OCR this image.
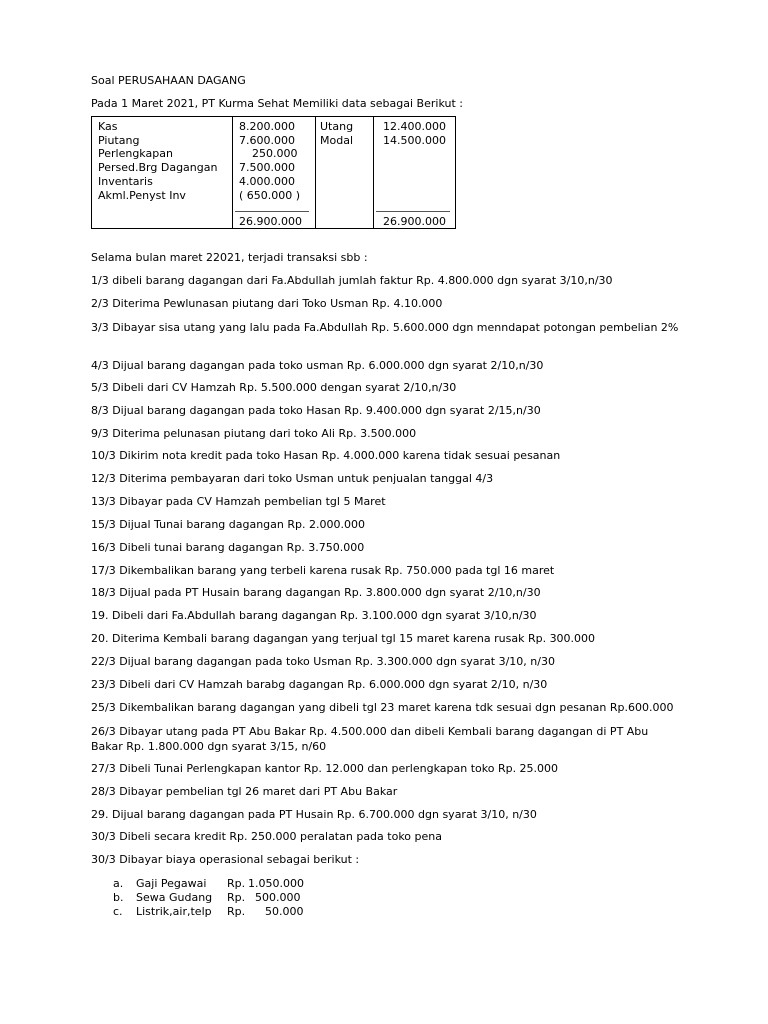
Soal PERUSAHAAN DAGANG
Pada 1 Maret 2021, PT Kurma Sehat Memiliki data sebagai Berikut :
Kas
Piutang
Perlengkapan
Persed.Brg Dagangan
Inventaris
Akml.Penyst Inv
8.200.000
7.600.000
250.000
7.500.000
4.000.000
( 650.000 )
Utang
Modal
12.400.000
14.500.000
26.900.000	26.900.000
Selama bulan maret 22021, terjadi transaksi sbb :
1/3 dibeli barang dagangan dari Fa.Abdullah jumlah faktur Rp. 4.800.000 dgn syarat 3/10,n/30
2/3 Diterima Pewlunasan piutang dari Toko Usman Rp. 4.10.000
3/3 Dibayar sisa utang yang lalu pada Fa.Abdullah Rp. 5.600.000 dgn menndapat potongan pembelian 2%
4/3 Dijual barang dagangan pada toko usman Rp. 6.000.000 dgn syarat 2/10,n/30
5/3 Dibeli dari CV Hamzah Rp. 5.500.000 dengan syarat 2/10,n/30
8/3 Dijual barang dagangan pada toko Hasan Rp. 9.400.000 dgn syarat 2/15,n/30
9/3 Diterima pelunasan piutang dari toko Ali Rp. 3.500.000
10/3 Dikirim nota kredit pada toko Hasan Rp. 4.000.000 karena tidak sesuai pesanan
12/3 Diterima pembayaran dari toko Usman untuk penjualan tanggal 4/3
13/3 Dibayar pada CV Hamzah pembelian tgl 5 Maret
15/3 Dijual Tunai barang dagangan Rp. 2.000.000
16/3 Dibeli tunai barang dagangan Rp. 3.750.000
17/3 Dikembalikan barang yang terbeli karena rusak Rp. 750.000 pada tgl 16 maret
18/3 Dijual pada PT Husain barang dagangan Rp. 3.800.000 dgn syarat 2/10,n/30
19. Dibeli dari Fa.Abdullah barang dagangan Rp. 3.100.000 dgn syarat 3/10,n/30
20. Diterima Kembali barang dagangan yang terjual tgl 15 maret karena rusak Rp. 300.000
22/3 Dijual barang dagangan pada toko Usman Rp. 3.300.000 dgn syarat 3/10, n/30
23/3 Dibeli dari CV Hamzah barabg dagangan Rp. 6.000.000 dgn syarat 2/10, n/30
25/3 Dikembalikan barang dagangan yang dibeli tgl 23 maret karena tdk sesuai dgn pesanan Rp.600.000
26/3 Dibayar utang pada PT Abu Bakar Rp. 4.500.000 dan dibeli Kembali barang dagangan di PT Abu Bakar Rp. 1.800.000 dgn syarat 3/15, n/60
27/3 Dibeli Tunai Perlengkapan kantor Rp. 12.000 dan perlengkapan toko Rp. 25.000
28/3 Dibayar pembelian tgl 26 maret dari PT Abu Bakar
29. Dijual barang dagangan pada PT Husain Rp. 6.700.000 dgn syarat 3/10, n/30
30/3 Dibeli secara kredit Rp. 250.000 peralatan pada toko pena
30/3 Dibayar biaya operasional sebagai berikut :
a. Gaji Pegawai Rp. 1.050.000
b. Sewa Gudang Rp. 500.000
c. Listrik,air,telp Rp. 50.000
